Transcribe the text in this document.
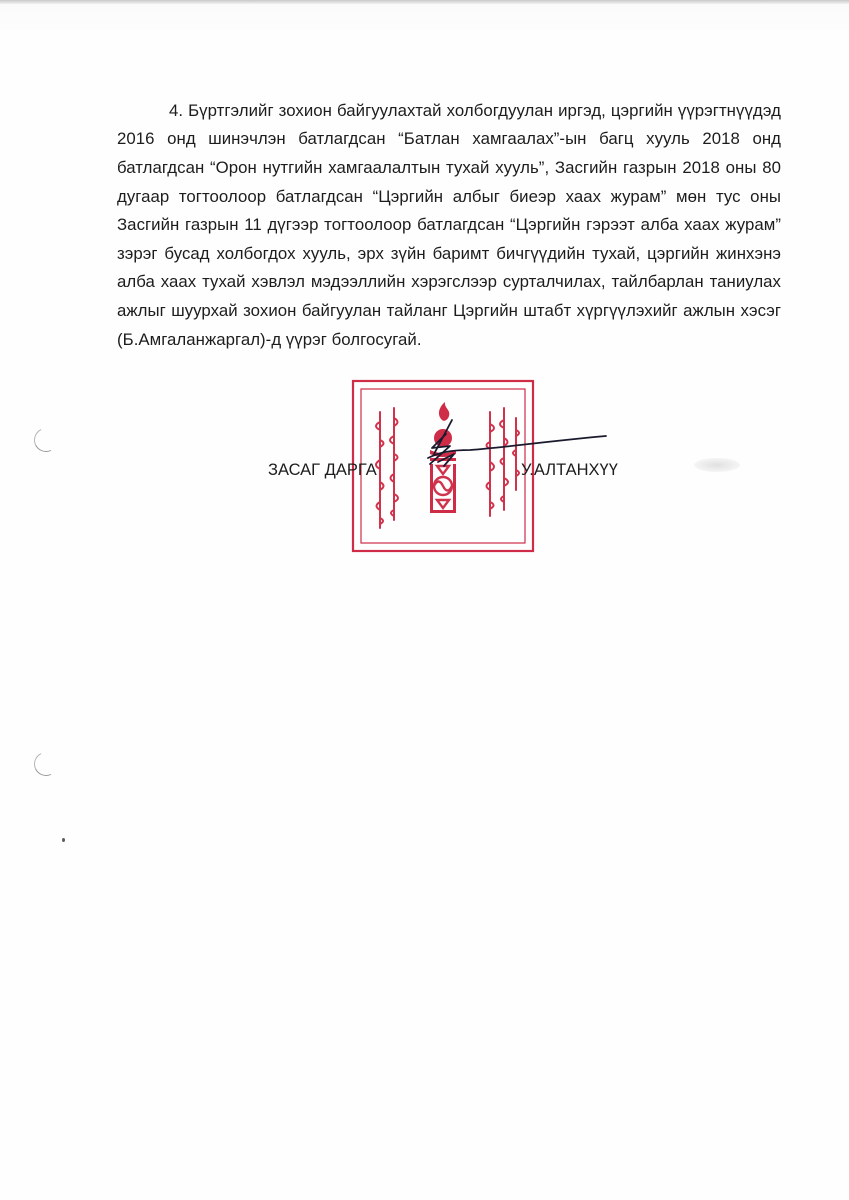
4. Бүртгэлийг зохион байгуулахтай холбогдуулан иргэд, цэргийн үүрэгтнүүдэд 2016 онд шинэчлэн батлагдсан “Батлан хамгаалах”-ын багц хууль 2018 онд батлагдсан “Орон нутгийн хамгаалалтын тухай хууль”, Засгийн газрын 2018 оны 80 дугаар тогтоолоор батлагдсан “Цэргийн албыг биеэр хаах журам” мөн тус оны Засгийн газрын 11 дүгээр тогтоолоор батлагдсан “Цэргийн гэрээт алба хаах журам” зэрэг бусад холбогдох хууль, эрх зүйн баримт бичгүүдийн тухай, цэргийн жинхэнэ алба хаах тухай хэвлэл мэдээллийн хэрэгслээр сурталчилах, тайлбарлан таниулах ажлыг шуурхай зохион байгуулан тайланг Цэргийн штабт хүргүүлэхийг ажлын хэсэг (Б.Амгаланжаргал)-д үүрэг болгосугай.

ЗАСАГ ДАРГА	У.АЛТАНХҮҮ
